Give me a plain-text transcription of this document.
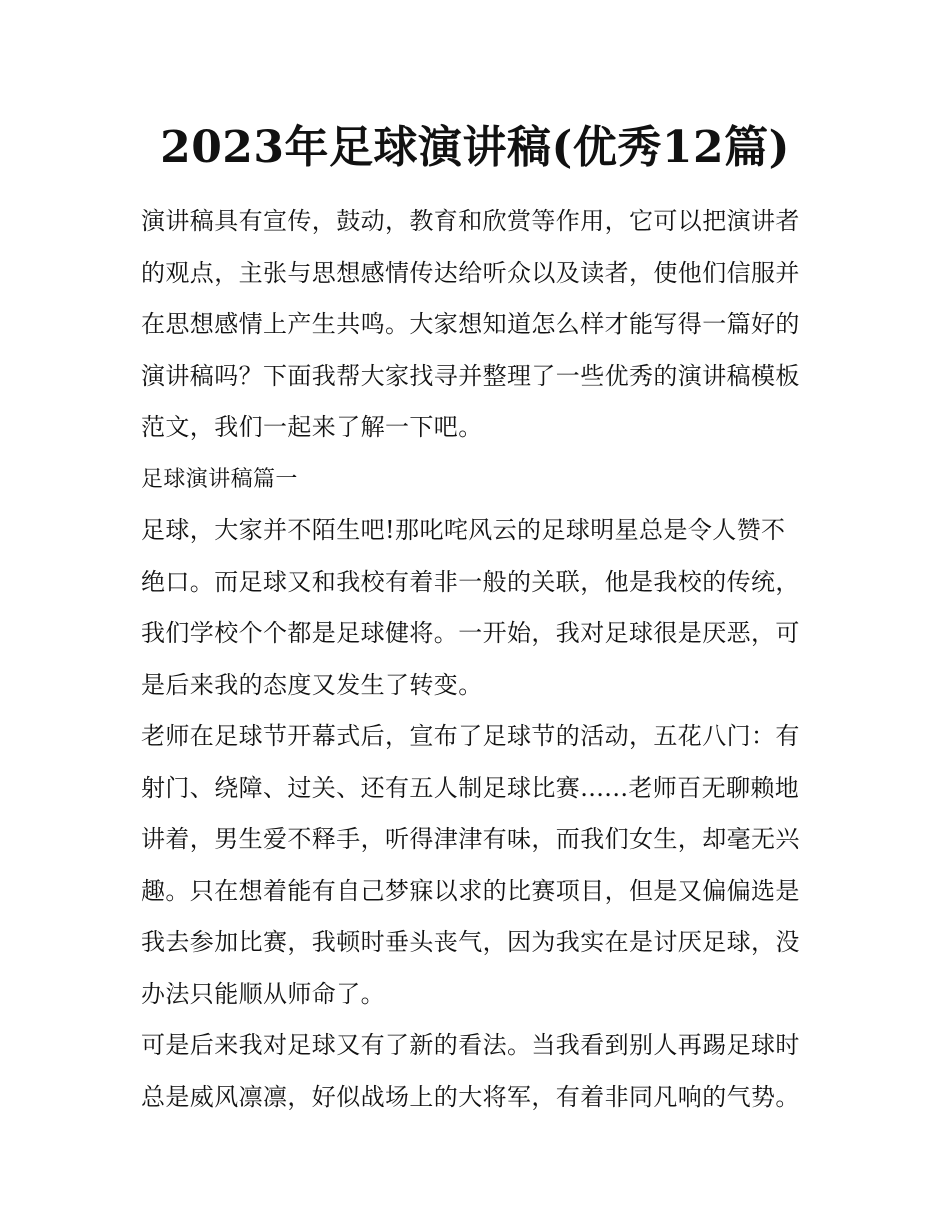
2023年足球演讲稿(优秀12篇)

演讲稿具有宣传，鼓动，教育和欣赏等作用，它可以把演讲者
的观点，主张与思想感情传达给听众以及读者，使他们信服并
在思想感情上产生共鸣。大家想知道怎么样才能写得一篇好的
演讲稿吗？下面我帮大家找寻并整理了一些优秀的演讲稿模板
范文，我们一起来了解一下吧。

足球演讲稿篇一

足球，大家并不陌生吧!那叱咤风云的足球明星总是令人赞不
绝口。而足球又和我校有着非一般的关联，他是我校的传统，
我们学校个个都是足球健将。一开始，我对足球很是厌恶，可
是后来我的态度又发生了转变。

老师在足球节开幕式后，宣布了足球节的活动，五花八门：有
射门、绕障、过关、还有五人制足球比赛......老师百无聊赖地
讲着，男生爱不释手，听得津津有味，而我们女生，却毫无兴
趣。只在想着能有自己梦寐以求的比赛项目，但是又偏偏选是
我去参加比赛，我顿时垂头丧气，因为我实在是讨厌足球，没
办法只能顺从师命了。

可是后来我对足球又有了新的看法。当我看到别人再踢足球时
总是威风凛凛，好似战场上的大将军，有着非同凡响的气势。
